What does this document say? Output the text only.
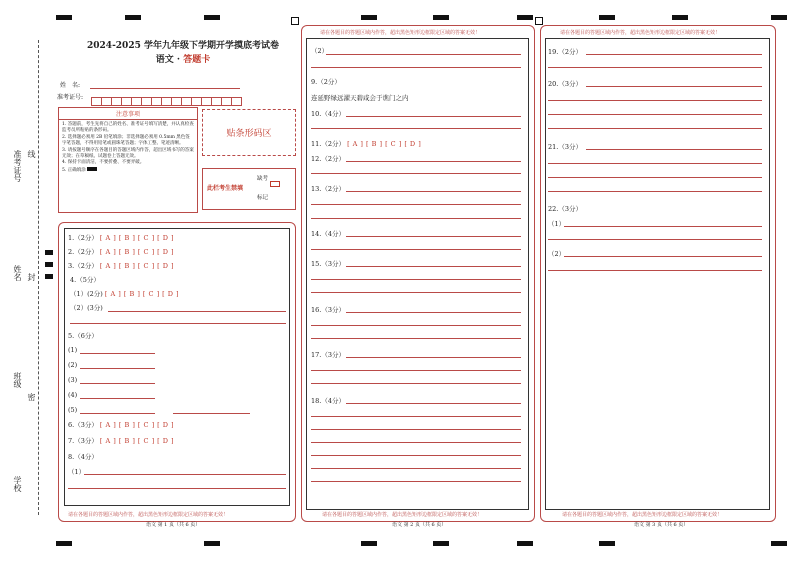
准考证号 线
姓名 封
班级
密
学校
2024-2025 学年九年级下学期开学摸底考试卷
语文 · 答题卡
姓　名:
准考证号:
注意事项
1. 答题前，考生先将自己的姓名、准考证号填写清楚，并认真检查监考员所粘贴的条形码。
2. 选择题必须用 2B 铅笔填涂；非选择题必须用 0.5mm 黑色签字笔答题，不得用铅笔或圆珠笔答题；字体工整、笔迹清晰。
3. 请按题号顺序在各题目的答题区域内作答，超出区域书写的答案无效；在草稿纸、试题卷上答题无效。
4. 保持卡面清洁，不要折叠、不要弄破。
5. 正确填涂
贴条形码区
此栏考生禁填
缺考
标记
请在各题目的答题区域内作答，超出黑色矩形边框限定区域的答案无效！
1.（2分） [ A ] [ B ] [ C ] [ D ]
2.（2分） [ A ] [ B ] [ C ] [ D ]
3.（2分） [ A ] [ B ] [ C ] [ D ]
4.（5分）
（1）(2分) [ A ] [ B ] [ C ] [ D ]
（2）(3分)
5.（6分）
(1)
(2)
(3)
(4)
(5)
6.（3分） [ A ] [ B ] [ C ] [ D ]
7.（3分） [ A ] [ B ] [ C ] [ D ]
8.（4分）
（1）
语文 第 1 页（共 6 页）
请在各题目的答题区域内作答，超出黑色矩形边框限定区域的答案无效！
请在各题目的答题区域内作答，超出黑色矩形边框限定区域的答案无效！
（2）
9.（2分）
连延野绿远濯天碧咸会于谯门之内
10.（4分）
11.（2分） [ A ] [ B ] [ C ] [ D ]
12.（2分）
13.（2分）
14.（4分）
15.（3分）
16.（3分）
17.（3分）
18.（4分）
语文 第 2 页（共 6 页）
请在各题目的答题区域内作答，超出黑色矩形边框限定区域的答案无效！
请在各题目的答题区域内作答，超出黑色矩形边框限定区域的答案无效！
19.（2分）
20.（3分）
21.（3分）
22.（3分）
（1）
（2）
语文 第 3 页（共 6 页）
